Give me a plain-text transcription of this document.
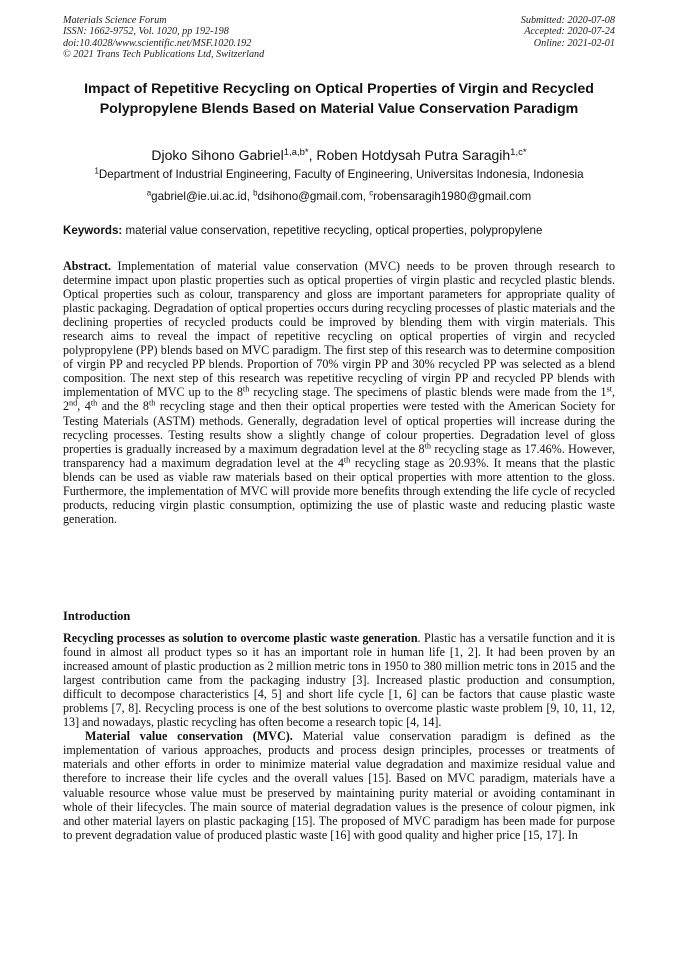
Materials Science Forum
ISSN: 1662-9752, Vol. 1020, pp 192-198
doi:10.4028/www.scientific.net/MSF.1020.192
© 2021 Trans Tech Publications Ltd, Switzerland
Submitted: 2020-07-08
Accepted: 2020-07-24
Online: 2021-02-01
Impact of Repetitive Recycling on Optical Properties of Virgin and Recycled Polypropylene Blends Based on Material Value Conservation Paradigm
Djoko Sihono Gabriel$^{1,a,b*}$, Roben Hotdysah Putra Saragih$^{1,c*}$
$^1$Department of Industrial Engineering, Faculty of Engineering, Universitas Indonesia, Indonesia
$^a$gabriel@ie.ui.ac.id, $^b$dsihono@gmail.com, $^c$robensaragih1980@gmail.com
Keywords: material value conservation, repetitive recycling, optical properties, polypropylene
Abstract. Implementation of material value conservation (MVC) needs to be proven through research to determine impact upon plastic properties such as optical properties of virgin plastic and recycled plastic blends. Optical properties such as colour, transparency and gloss are important parameters for appropriate quality of plastic packaging. Degradation of optical properties occurs during recycling processes of plastic materials and the declining properties of recycled products could be improved by blending them with virgin materials. This research aims to reveal the impact of repetitive recycling on optical properties of virgin and recycled polypropylene (PP) blends based on MVC paradigm. The first step of this research was to determine composition of virgin PP and recycled PP blends. Proportion of 70% virgin PP and 30% recycled PP was selected as a blend composition. The next step of this research was repetitive recycling of virgin PP and recycled PP blends with implementation of MVC up to the 8th recycling stage. The specimens of plastic blends were made from the 1st, 2nd, 4th and the 8th recycling stage and then their optical properties were tested with the American Society for Testing Materials (ASTM) methods. Generally, degradation level of optical properties will increase during the recycling processes. Testing results show a slightly change of colour properties. Degradation level of gloss properties is gradually increased by a maximum degradation level at the 8th recycling stage as 17.46%. However, transparency had a maximum degradation level at the 4th recycling stage as 20.93%. It means that the plastic blends can be used as viable raw materials based on their optical properties with more attention to the gloss. Furthermore, the implementation of MVC will provide more benefits through extending the life cycle of recycled products, reducing virgin plastic consumption, optimizing the use of plastic waste and reducing plastic waste generation.
Introduction

Recycling processes as solution to overcome plastic waste generation. Plastic has a versatile function and it is found in almost all product types so it has an important role in human life [1, 2]. It had been proven by an increased amount of plastic production as 2 million metric tons in 1950 to 380 million metric tons in 2015 and the largest contribution came from the packaging industry [3]. Increased plastic production and consumption, difficult to decompose characteristics [4, 5] and short life cycle [1, 6] can be factors that cause plastic waste problems [7, 8]. Recycling process is one of the best solutions to overcome plastic waste problem [9, 10, 11, 12, 13] and nowadays, plastic recycling has often become a research topic [4, 14].

Material value conservation (MVC). Material value conservation paradigm is defined as the implementation of various approaches, products and process design principles, processes or treatments of materials and other efforts in order to minimize material value degradation and maximize residual value and therefore to increase their life cycles and the overall values [15]. Based on MVC paradigm, materials have a valuable resource whose value must be preserved by maintaining purity material or avoiding contaminant in whole of their lifecycles. The main source of material degradation values is the presence of colour pigmen, ink and other material layers on plastic packaging [15]. The proposed of MVC paradigm has been made for purpose to prevent degradation value of produced plastic waste [16] with good quality and higher price [15, 17]. In
